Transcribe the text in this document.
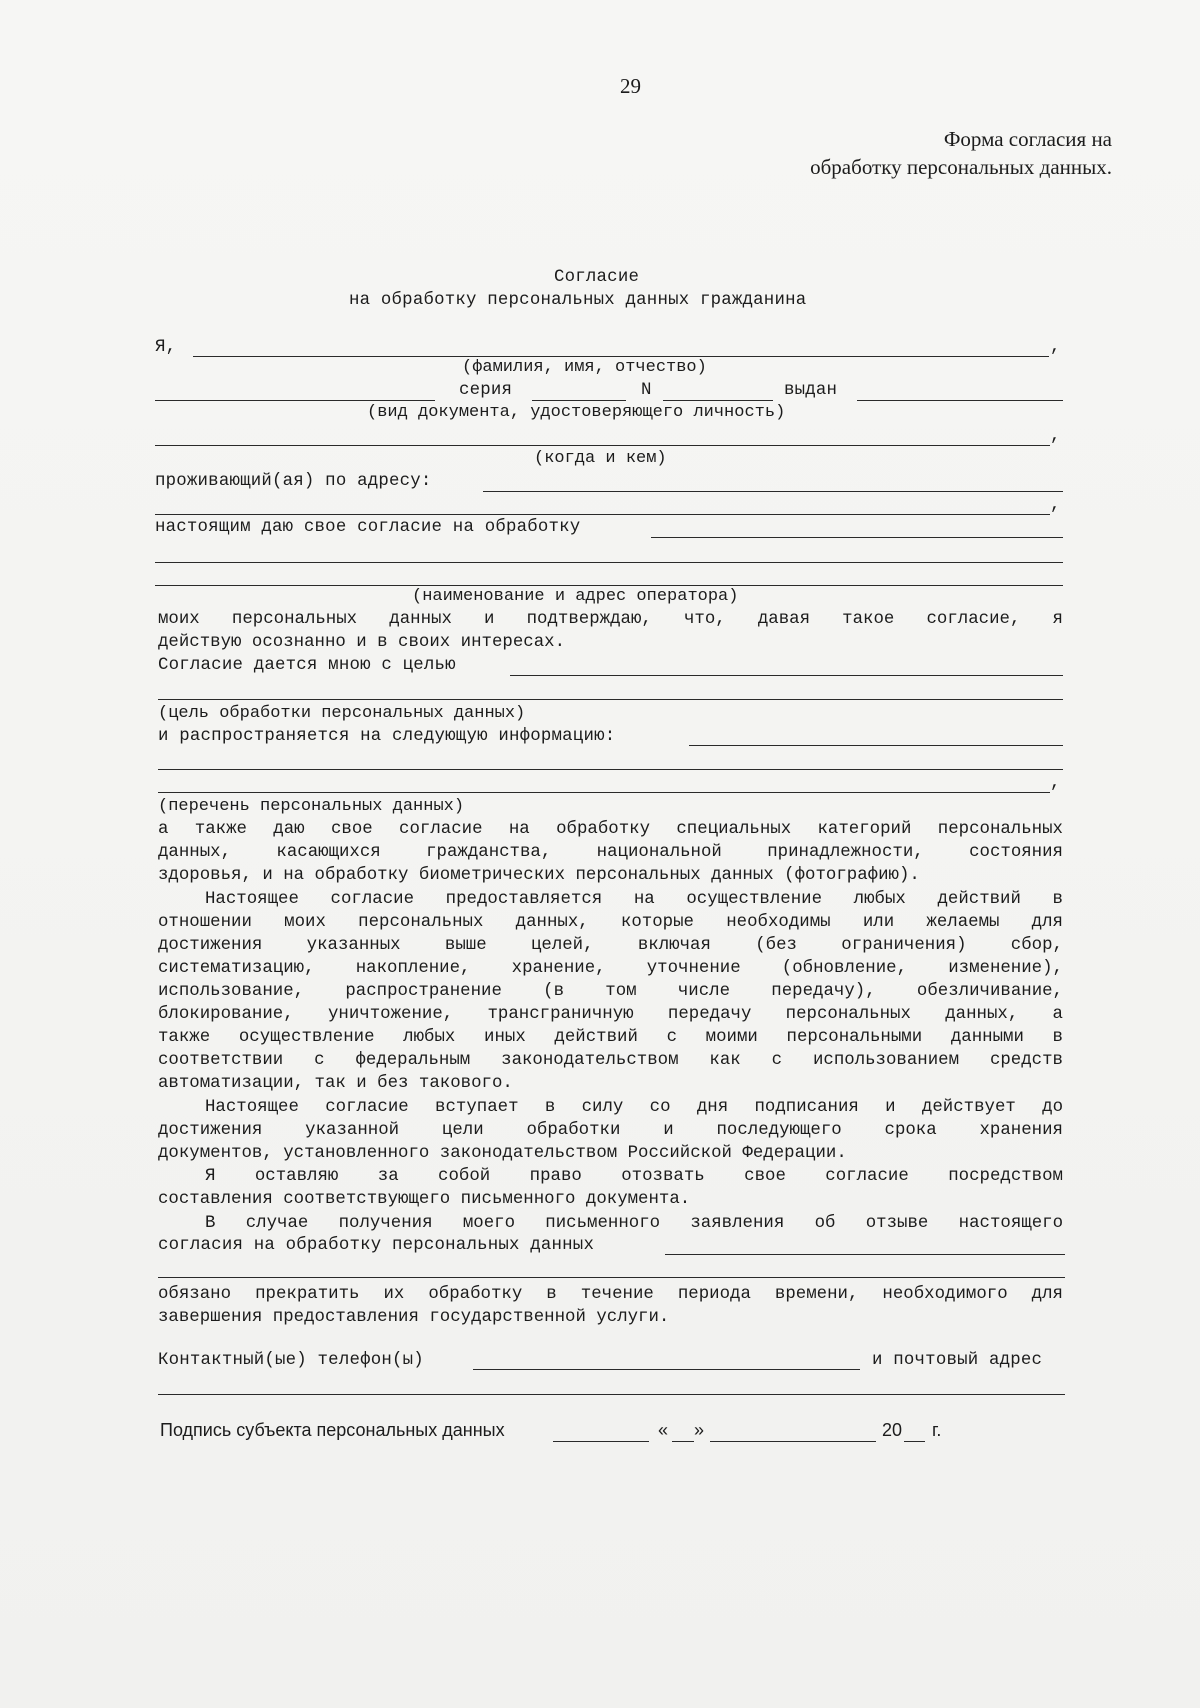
29
Форма согласия на
обработку персональных данных.
Согласие
на обработку персональных данных гражданина
Я,	,
(фамилия, имя, отчество)
серия	N	выдан
(вид документа, удостоверяющего личность)
,
(когда и кем)
проживающий(ая) по адресу:
,
настоящим даю свое согласие на обработку
(наименование и адрес оператора)
моих персональных данных и подтверждаю, что, давая такое согласие, я
действую осознанно и в своих интересах.
Согласие дается мною с целью
(цель обработки персональных данных)
и распространяется на следующую информацию:
,
(перечень персональных данных)
а также даю свое согласие на обработку специальных категорий персональных
данных, касающихся гражданства, национальной принадлежности, состояния
здоровья, и на обработку биометрических персональных данных (фотографию).
Настоящее согласие предоставляется на осуществление любых действий в
отношении моих персональных данных, которые необходимы или желаемы для
достижения указанных выше целей, включая (без ограничения) сбор,
систематизацию, накопление, хранение, уточнение (обновление, изменение),
использование, распространение (в том числе передачу), обезличивание,
блокирование, уничтожение, трансграничную передачу персональных данных, а
также осуществление любых иных действий с моими персональными данными в
соответствии с федеральным законодательством как с использованием средств
автоматизации, так и без такового.
Настоящее согласие вступает в силу со дня подписания и действует до
достижения указанной цели обработки и последующего срока хранения
документов, установленного законодательством Российской Федерации.
Я оставляю за собой право отозвать свое согласие посредством
составления соответствующего письменного документа.
В случае получения моего письменного заявления об отзыве настоящего
согласия на обработку персональных данных
обязано прекратить их обработку в течение периода времени, необходимого для
завершения предоставления государственной услуги.
Контактный(ые) телефон(ы)	и почтовый адрес
Подпись субъекта персональных данных	« »	20 г.
